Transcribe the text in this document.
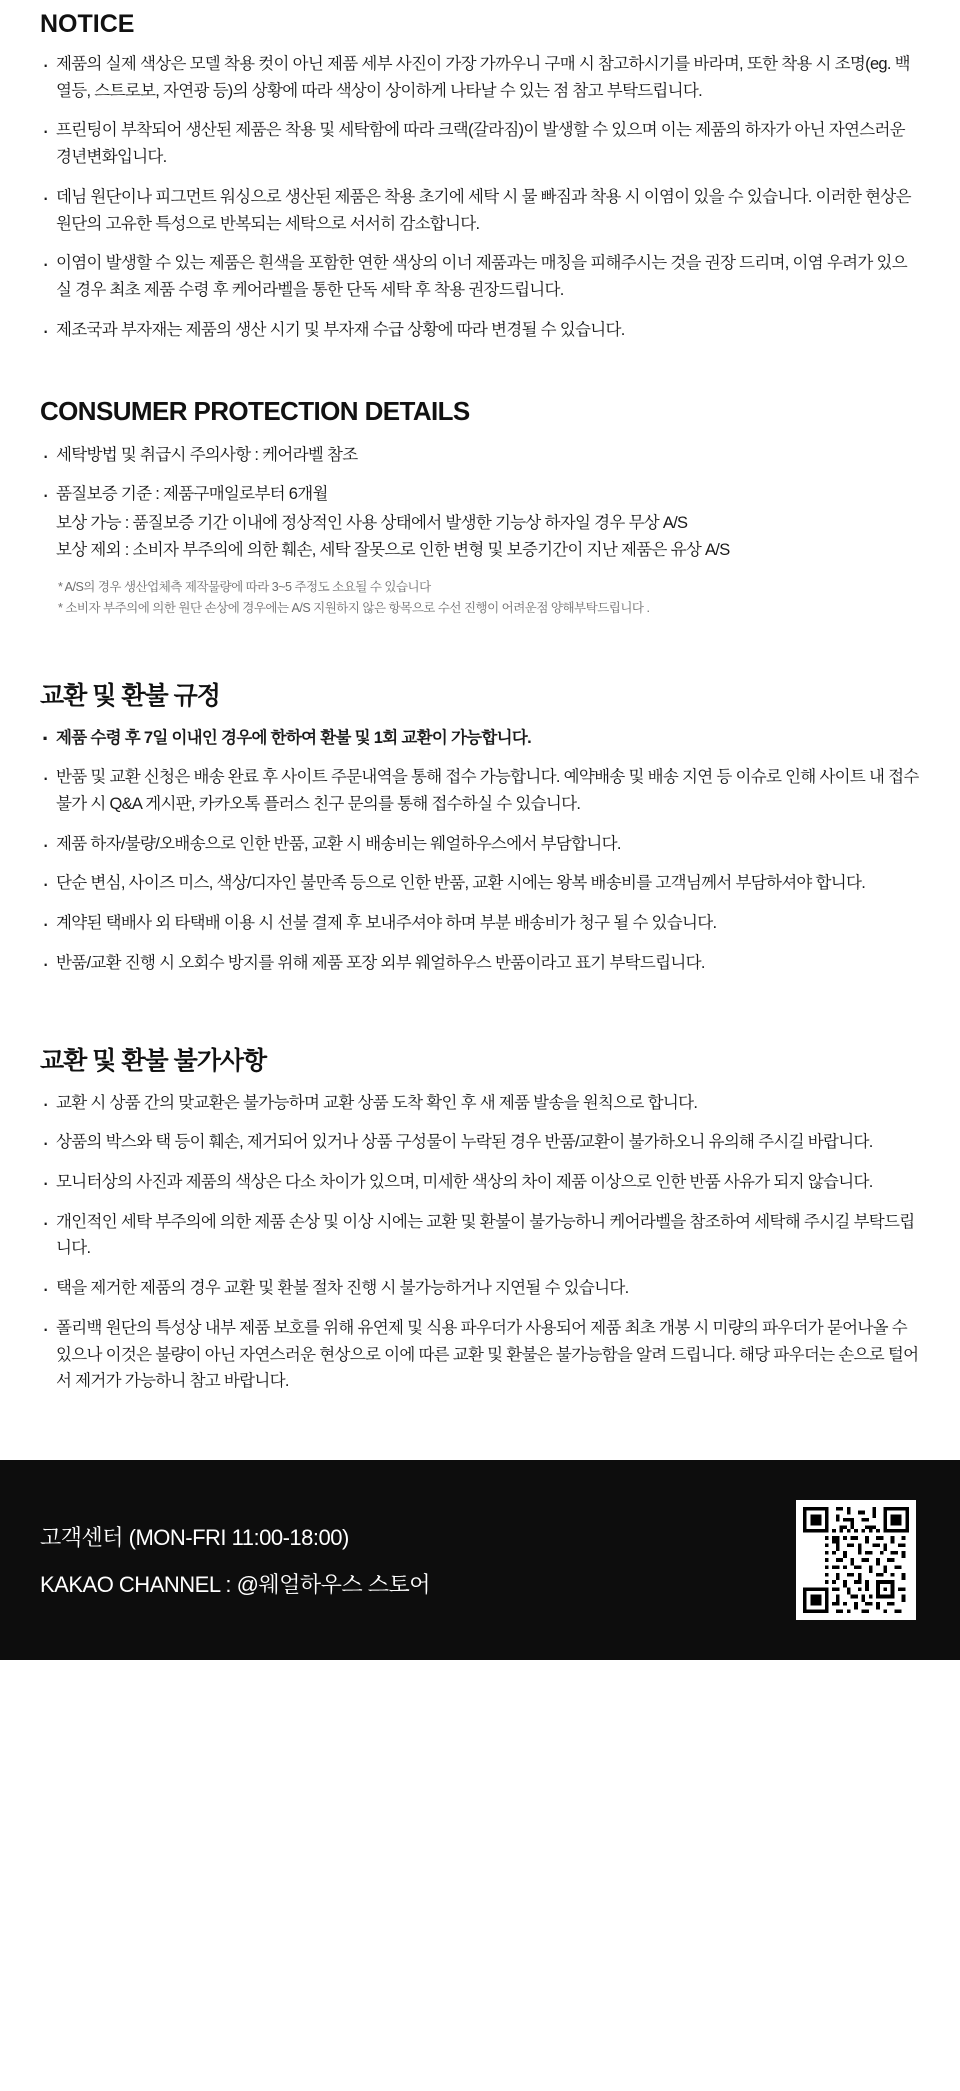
NOTICE
· 제품의 실제 색상은 모델 착용 컷이 아닌 제품 세부 사진이 가장 가까우니 구매 시 참고하시기를 바라며, 또한 착용 시 조명(eg. 백열등, 스트로보, 자연광 등)의 상황에 따라 색상이 상이하게 나타날 수 있는 점 참고 부탁드립니다.
· 프린팅이 부착되어 생산된 제품은 착용 및 세탁함에 따라 크랙(갈라짐)이 발생할 수 있으며 이는 제품의 하자가 아닌 자연스러운 경년변화입니다.
· 데님 원단이나 피그먼트 워싱으로 생산된 제품은 착용 초기에 세탁 시 물 빠짐과 착용 시 이염이 있을 수 있습니다. 이러한 현상은 원단의 고유한 특성으로 반복되는 세탁으로 서서히 감소합니다.
· 이염이 발생할 수 있는 제품은 흰색을 포함한 연한 색상의 이너 제품과는 매칭을 피해주시는 것을 권장 드리며, 이염 우려가 있으실 경우 최초 제품 수령 후 케어라벨을 통한 단독 세탁 후 착용 권장드립니다.
· 제조국과 부자재는 제품의 생산 시기 및 부자재 수급 상황에 따라 변경될 수 있습니다.
CONSUMER PROTECTION DETAILS
· 세탁방법 및 취급시 주의사항 : 케어라벨 참조
· 품질보증 기준 : 제품구매일로부터 6개월
보상 가능 : 품질보증 기간 이내에 정상적인 사용 상태에서 발생한 기능상 하자일 경우 무상 A/S
보상 제외 : 소비자 부주의에 의한 훼손, 세탁 잘못으로 인한 변형 및 보증기간이 지난 제품은 유상 A/S
* A/S의 경우 생산업체측 제작물량에 따라 3~5 주정도 소요될 수 있습니다
* 소비자 부주의에 의한 원단 손상에 경우에는 A/S 지원하지 않은 항목으로 수선 진행이 어려운점 양해부탁드립니다 .
교환 및 환불 규정
· 제품 수령 후 7일 이내인 경우에 한하여 환불 및 1회 교환이 가능합니다.
· 반품 및 교환 신청은 배송 완료 후 사이트 주문내역을 통해 접수 가능합니다. 예약배송 및 배송 지연 등 이슈로 인해 사이트 내 접수 불가 시 Q&A 게시판, 카카오톡 플러스 친구 문의를 통해 접수하실 수 있습니다.
· 제품 하자/불량/오배송으로 인한 반품, 교환 시 배송비는 웨얼하우스에서 부담합니다.
· 단순 변심, 사이즈 미스, 색상/디자인 불만족 등으로 인한 반품, 교환 시에는 왕복 배송비를 고객님께서 부담하셔야 합니다.
· 계약된 택배사 외 타택배 이용 시 선불 결제 후 보내주셔야 하며 부분 배송비가 청구 될 수 있습니다.
· 반품/교환 진행 시 오회수 방지를 위해 제품 포장 외부 웨얼하우스 반품이라고 표기 부탁드립니다.
교환 및 환불 불가사항
· 교환 시 상품 간의 맞교환은 불가능하며 교환 상품 도착 확인 후 새 제품 발송을 원칙으로 합니다.
· 상품의 박스와 택 등이 훼손, 제거되어 있거나 상품 구성물이 누락된 경우 반품/교환이 불가하오니 유의해 주시길 바랍니다.
· 모니터상의 사진과 제품의 색상은 다소 차이가 있으며, 미세한 색상의 차이 제품 이상으로 인한 반품 사유가 되지 않습니다.
· 개인적인 세탁 부주의에 의한 제품 손상 및 이상 시에는 교환 및 환불이 불가능하니 케어라벨을 참조하여 세탁해 주시길 부탁드립니다.
· 택을 제거한 제품의 경우 교환 및 환불 절차 진행 시 불가능하거나 지연될 수 있습니다.
· 폴리백 원단의 특성상 내부 제품 보호를 위해 유연제 및 식용 파우더가 사용되어 제품 최초 개봉 시 미량의 파우더가 묻어나올 수 있으나 이것은 불량이 아닌 자연스러운 현상으로 이에 따른 교환 및 환불은 불가능함을 알려 드립니다. 해당 파우더는 손으로 털어서 제거가 가능하니 참고 바랍니다.
고객센터 (MON-FRI 11:00-18:00)
KAKAO CHANNEL : @웨얼하우스 스토어
